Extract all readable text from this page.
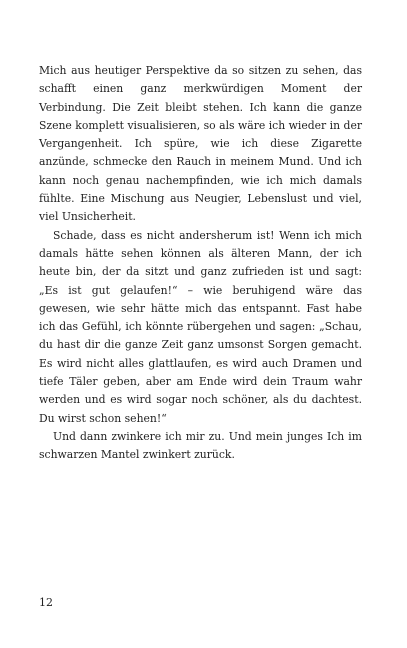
Mich aus heutiger Perspektive da so sitzen zu sehen, das schafft einen ganz merkwürdigen Moment der Verbindung. Die Zeit bleibt stehen. Ich kann die ganze Szene komplett visualisieren, so als wäre ich wieder in der Vergangenheit. Ich spüre, wie ich diese Zigarette anzünde, schmecke den Rauch in meinem Mund. Und ich kann noch genau nachempfinden, wie ich mich damals fühlte. Eine Mischung aus Neugier, Lebenslust und viel, viel Unsicherheit.

Schade, dass es nicht andersherum ist! Wenn ich mich damals hätte sehen können als älteren Mann, der ich heute bin, der da sitzt und ganz zufrieden ist und sagt: „Es ist gut gelaufen!“ – wie beruhigend wäre das gewesen, wie sehr hätte mich das entspannt. Fast habe ich das Gefühl, ich könnte rübergehen und sagen: „Schau, du hast dir die ganze Zeit ganz umsonst Sorgen gemacht. Es wird nicht alles glattlaufen, es wird auch Dramen und tiefe Täler geben, aber am Ende wird dein Traum wahr werden und es wird sogar noch schöner, als du dachtest. Du wirst schon sehen!“

Und dann zwinkere ich mir zu. Und mein junges Ich im schwarzen Mantel zwinkert zurück.

12
